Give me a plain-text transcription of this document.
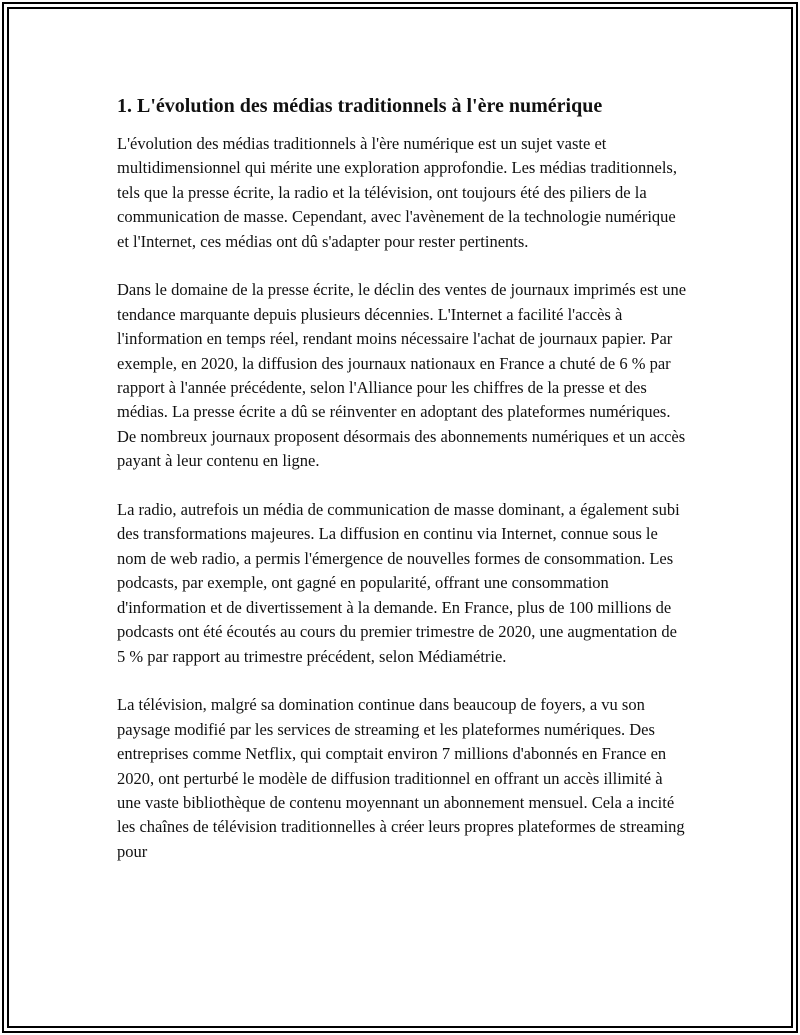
1. L'évolution des médias traditionnels à l'ère numérique

L'évolution des médias traditionnels à l'ère numérique est un sujet vaste et multidimensionnel qui mérite une exploration approfondie. Les médias traditionnels, tels que la presse écrite, la radio et la télévision, ont toujours été des piliers de la communication de masse. Cependant, avec l'avènement de la technologie numérique et l'Internet, ces médias ont dû s'adapter pour rester pertinents.

Dans le domaine de la presse écrite, le déclin des ventes de journaux imprimés est une tendance marquante depuis plusieurs décennies. L'Internet a facilité l'accès à l'information en temps réel, rendant moins nécessaire l'achat de journaux papier. Par exemple, en 2020, la diffusion des journaux nationaux en France a chuté de 6 % par rapport à l'année précédente, selon l'Alliance pour les chiffres de la presse et des médias. La presse écrite a dû se réinventer en adoptant des plateformes numériques. De nombreux journaux proposent désormais des abonnements numériques et un accès payant à leur contenu en ligne.

La radio, autrefois un média de communication de masse dominant, a également subi des transformations majeures. La diffusion en continu via Internet, connue sous le nom de web radio, a permis l'émergence de nouvelles formes de consommation. Les podcasts, par exemple, ont gagné en popularité, offrant une consommation d'information et de divertissement à la demande. En France, plus de 100 millions de podcasts ont été écoutés au cours du premier trimestre de 2020, une augmentation de 5 % par rapport au trimestre précédent, selon Médiamétrie.

La télévision, malgré sa domination continue dans beaucoup de foyers, a vu son paysage modifié par les services de streaming et les plateformes numériques. Des entreprises comme Netflix, qui comptait environ 7 millions d'abonnés en France en 2020, ont perturbé le modèle de diffusion traditionnel en offrant un accès illimité à une vaste bibliothèque de contenu moyennant un abonnement mensuel. Cela a incité les chaînes de télévision traditionnelles à créer leurs propres plateformes de streaming pour
